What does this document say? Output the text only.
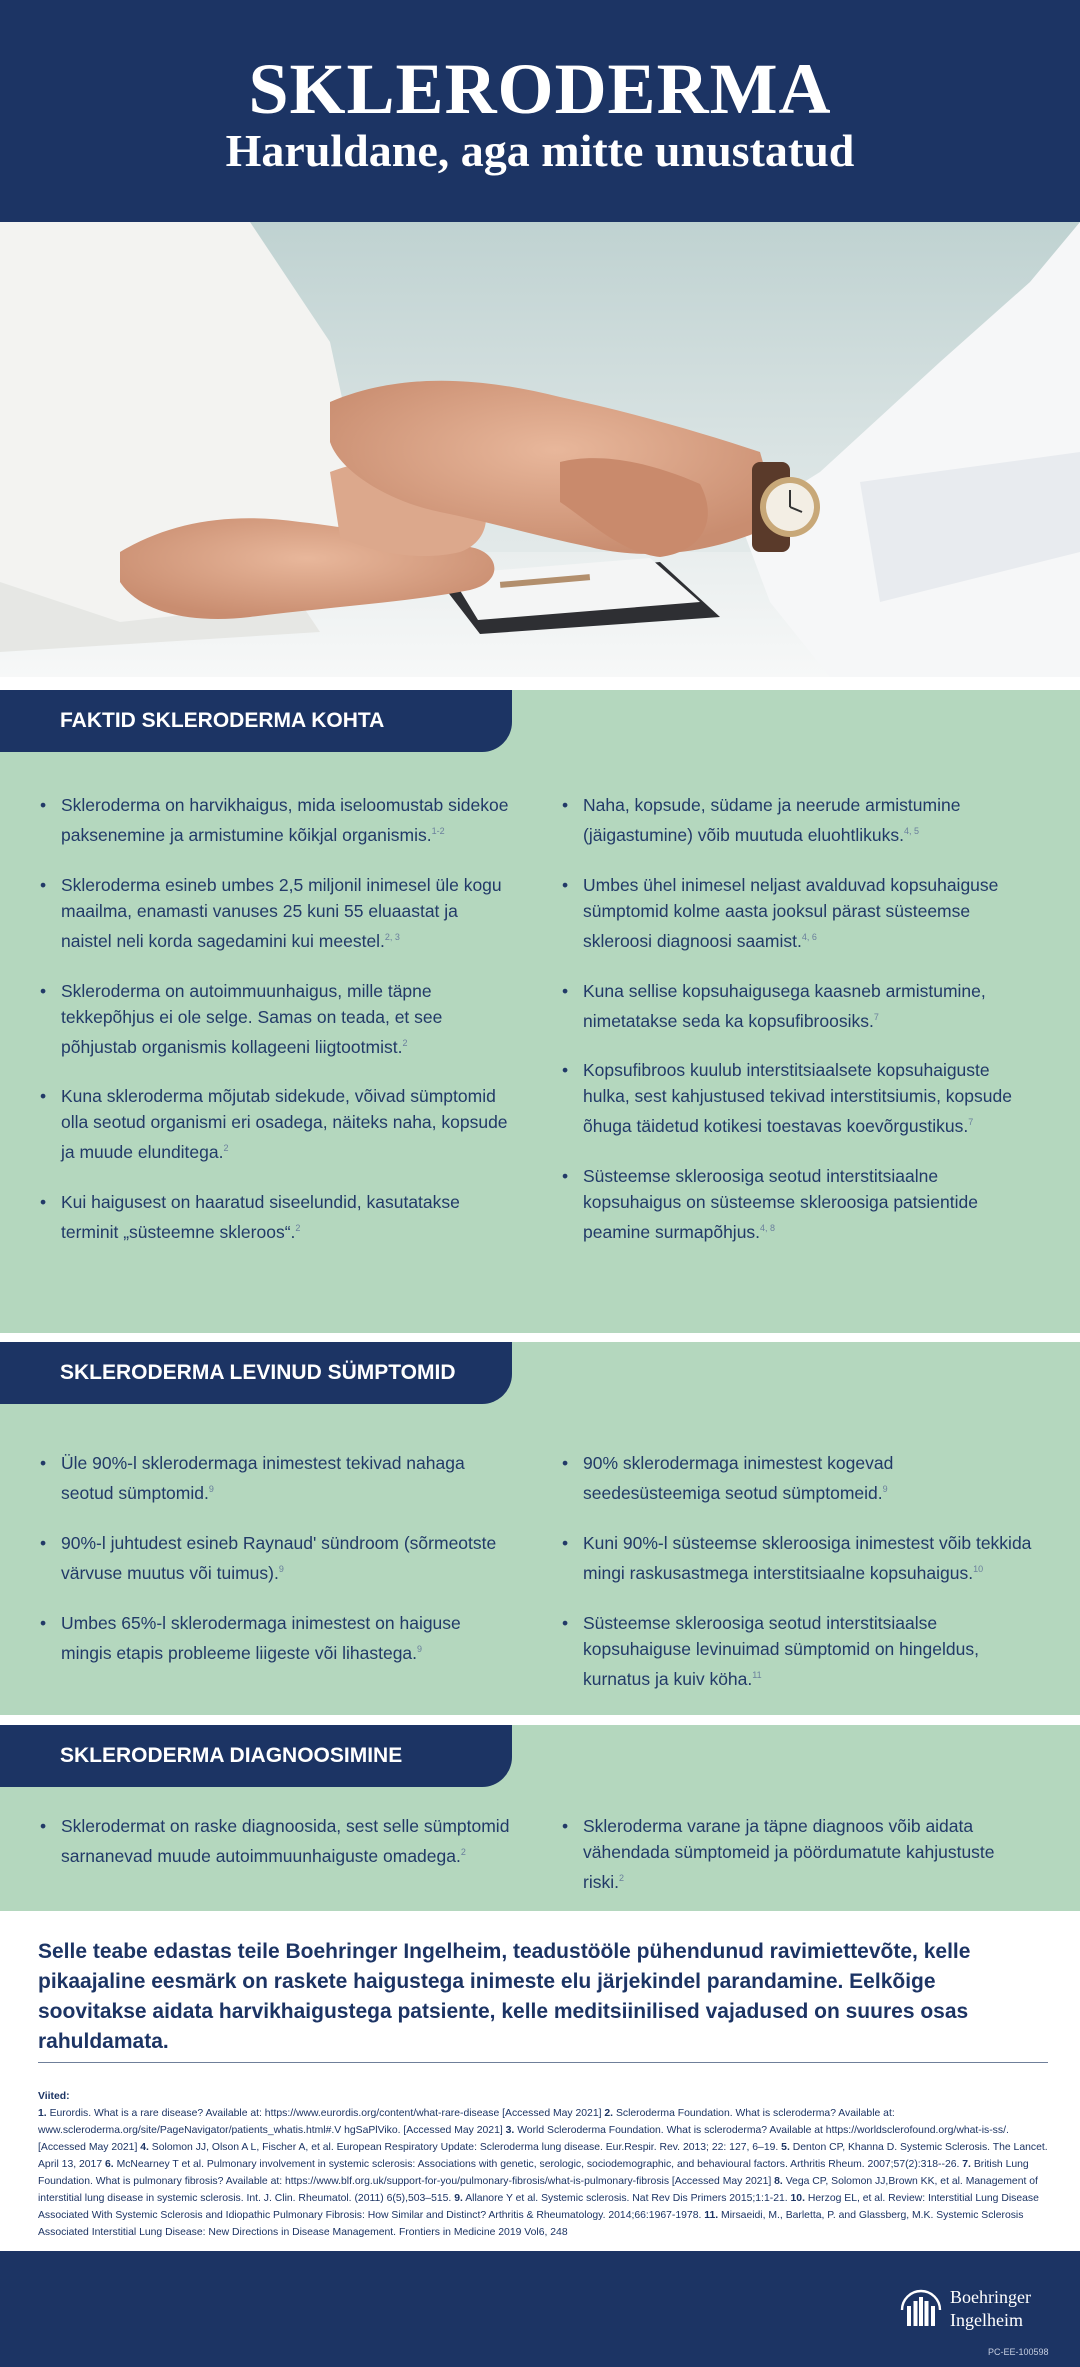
SKLERODERMA
Haruldane, aga mitte unustatud
FAKTID SKLERODERMA KOHTA
• Skleroderma on harvikhaigus, mida iseloomustab sidekoe paksenemine ja armistumine kõikjal organismis.$^{1-2}$
• Skleroderma esineb umbes 2,5 miljonil inimesel üle kogu maailma, enamasti vanuses 25 kuni 55 eluaastat ja naistel neli korda sagedamini kui meestel.$^{2, 3}$
• Skleroderma on autoimmuunhaigus, mille täpne tekkepõhjus ei ole selge. Samas on teada, et see põhjustab organismis kollageeni liigtootmist.$^2$
• Kuna skleroderma mõjutab sidekude, võivad sümptomid olla seotud organismi eri osadega, näiteks naha, kopsude ja muude elunditega.$^2$
• Kui haigusest on haaratud siseelundid, kasutatakse terminit „süsteemne skleroos“.$^2$
• Naha, kopsude, südame ja neerude armistumine (jäigastumine) võib muutuda eluohtlikuks.$^{4, 5}$
• Umbes ühel inimesel neljast avalduvad kopsuhaiguse sümptomid kolme aasta jooksul pärast süsteemse skleroosi diagnoosi saamist.$^{4, 6}$
• Kuna sellise kopsuhaigusega kaasneb armistumine, nimetatakse seda ka kopsufibroosiks.$^7$
• Kopsufibroos kuulub interstitsiaalsete kopsuhaiguste hulka, sest kahjustused tekivad interstitsiumis, kopsude õhuga täidetud kotikesi toestavas koevõrgustikus.$^7$
• Süsteemse skleroosiga seotud interstitsiaalne kopsuhaigus on süsteemse skleroosiga patsientide peamine surmapõhjus.$^{4, 8}$
SKLERODERMA LEVINUD SÜMPTOMID
• Üle 90%-l sklerodermaga inimestest tekivad nahaga seotud sümptomid.$^9$
• 90%-l juhtudest esineb Raynaud' sündroom (sõrmeotste värvuse muutus või tuimus).$^9$
• Umbes 65%-l sklerodermaga inimestest on haiguse mingis etapis probleeme liigeste või lihastega.$^9$
• 90% sklerodermaga inimestest kogevad seedesüsteemiga seotud sümptomeid.$^9$
• Kuni 90%-l süsteemse skleroosiga inimestest võib tekkida mingi raskusastmega interstitsiaalne kopsuhaigus.$^{10}$
• Süsteemse skleroosiga seotud interstitsiaalse kopsuhaiguse levinuimad sümptomid on hingeldus, kurnatus ja kuiv köha.$^{11}$
SKLERODERMA DIAGNOOSIMINE
• Sklerodermat on raske diagnoosida, sest selle sümptomid sarnanevad muude autoimmuunhaiguste omadega.$^2$
• Skleroderma varane ja täpne diagnoos võib aidata vähendada sümptomeid ja pöördumatute kahjustuste riski.$^2$
Selle teabe edastas teile Boehringer Ingelheim, teadustööle pühendunud ravimiettevõte, kelle pikaajaline eesmärk on raskete haigustega inimeste elu järjekindel parandamine. Eelkõige soovitakse aidata harvikhaigustega patsiente, kelle meditsiinilised vajadused on suures osas rahuldamata.
Viited:
1. Eurordis. What is a rare disease? Available at: https://www.eurordis.org/content/what-rare-disease [Accessed May 2021] 2. Scleroderma Foundation. What is scleroderma? Available at: www.scleroderma.org/site/PageNavigator/patients_whatis.html#.V hgSaPlViko. [Accessed May 2021] 3. World Scleroderma Foundation. What is scleroderma? Available at https://worldsclerofound.org/what-is-ss/. [Accessed May 2021] 4. Solomon JJ, Olson A L, Fischer A, et al. European Respiratory Update: Scleroderma lung disease. Eur.Respir. Rev. 2013; 22: 127, 6–19. 5. Denton CP, Khanna D. Systemic Sclerosis. The Lancet. April 13, 2017 6. McNearney T et al. Pulmonary involvement in systemic sclerosis: Associations with genetic, serologic, sociodemographic, and behavioural factors. Arthritis Rheum. 2007;57(2):318--26. 7. British Lung Foundation. What is pulmonary fibrosis? Available at: https://www.blf.org.uk/support-for-you/pulmonary-fibrosis/what-is-pulmonary-fibrosis [Accessed May 2021] 8. Vega CP, Solomon JJ,Brown KK, et al. Management of interstitial lung disease in systemic sclerosis. Int. J. Clin. Rheumatol. (2011) 6(5),503–515. 9. Allanore Y et al. Systemic sclerosis. Nat Rev Dis Primers 2015;1:1-21. 10. Herzog EL, et al. Review: Interstitial Lung Disease Associated With Systemic Sclerosis and Idiopathic Pulmonary Fibrosis: How Similar and Distinct? Arthritis & Rheumatology. 2014;66:1967-1978. 11. Mirsaeidi, M., Barletta, P. and Glassberg, M.K. Systemic Sclerosis Associated Interstitial Lung Disease: New Directions in Disease Management. Frontiers in Medicine 2019 Vol6, 248
Boehringer
Ingelheim
PC-EE-100598
